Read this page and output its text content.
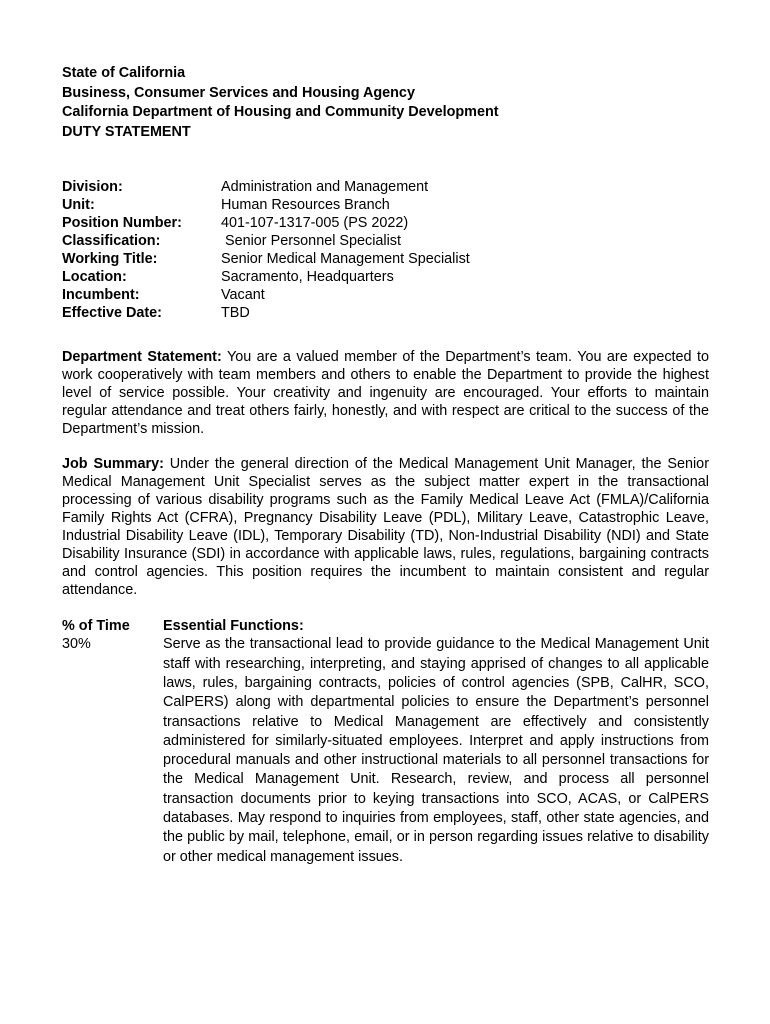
State of California
Business, Consumer Services and Housing Agency
California Department of Housing and Community Development
DUTY STATEMENT
Division:	Administration and Management
Unit:	Human Resources Branch
Position Number:	401-107-1317-005 (PS 2022)
Classification:	Senior Personnel Specialist
Working Title:	Senior Medical Management Specialist
Location:	Sacramento, Headquarters
Incumbent:	Vacant
Effective Date:	TBD
Department Statement: You are a valued member of the Department’s team. You are expected to work cooperatively with team members and others to enable the Department to provide the highest level of service possible. Your creativity and ingenuity are encouraged. Your efforts to maintain regular attendance and treat others fairly, honestly, and with respect are critical to the success of the Department’s mission.
Job Summary: Under the general direction of the Medical Management Unit Manager, the Senior Medical Management Unit Specialist serves as the subject matter expert in the transactional processing of various disability programs such as the Family Medical Leave Act (FMLA)/California Family Rights Act (CFRA), Pregnancy Disability Leave (PDL), Military Leave, Catastrophic Leave, Industrial Disability Leave (IDL), Temporary Disability (TD), Non-Industrial Disability (NDI) and State Disability Insurance (SDI) in accordance with applicable laws, rules, regulations, bargaining contracts and control agencies. This position requires the incumbent to maintain consistent and regular attendance.
% of Time	Essential Functions:
30%	Serve as the transactional lead to provide guidance to the Medical Management Unit staff with researching, interpreting, and staying apprised of changes to all applicable laws, rules, bargaining contracts, policies of control agencies (SPB, CalHR, SCO, CalPERS) along with departmental policies to ensure the Department’s personnel transactions relative to Medical Management are effectively and consistently administered for similarly-situated employees. Interpret and apply instructions from procedural manuals and other instructional materials to all personnel transactions for the Medical Management Unit. Research, review, and process all personnel transaction documents prior to keying transactions into SCO, ACAS, or CalPERS databases. May respond to inquiries from employees, staff, other state agencies, and the public by mail, telephone, email, or in person regarding issues relative to disability or other medical management issues.
